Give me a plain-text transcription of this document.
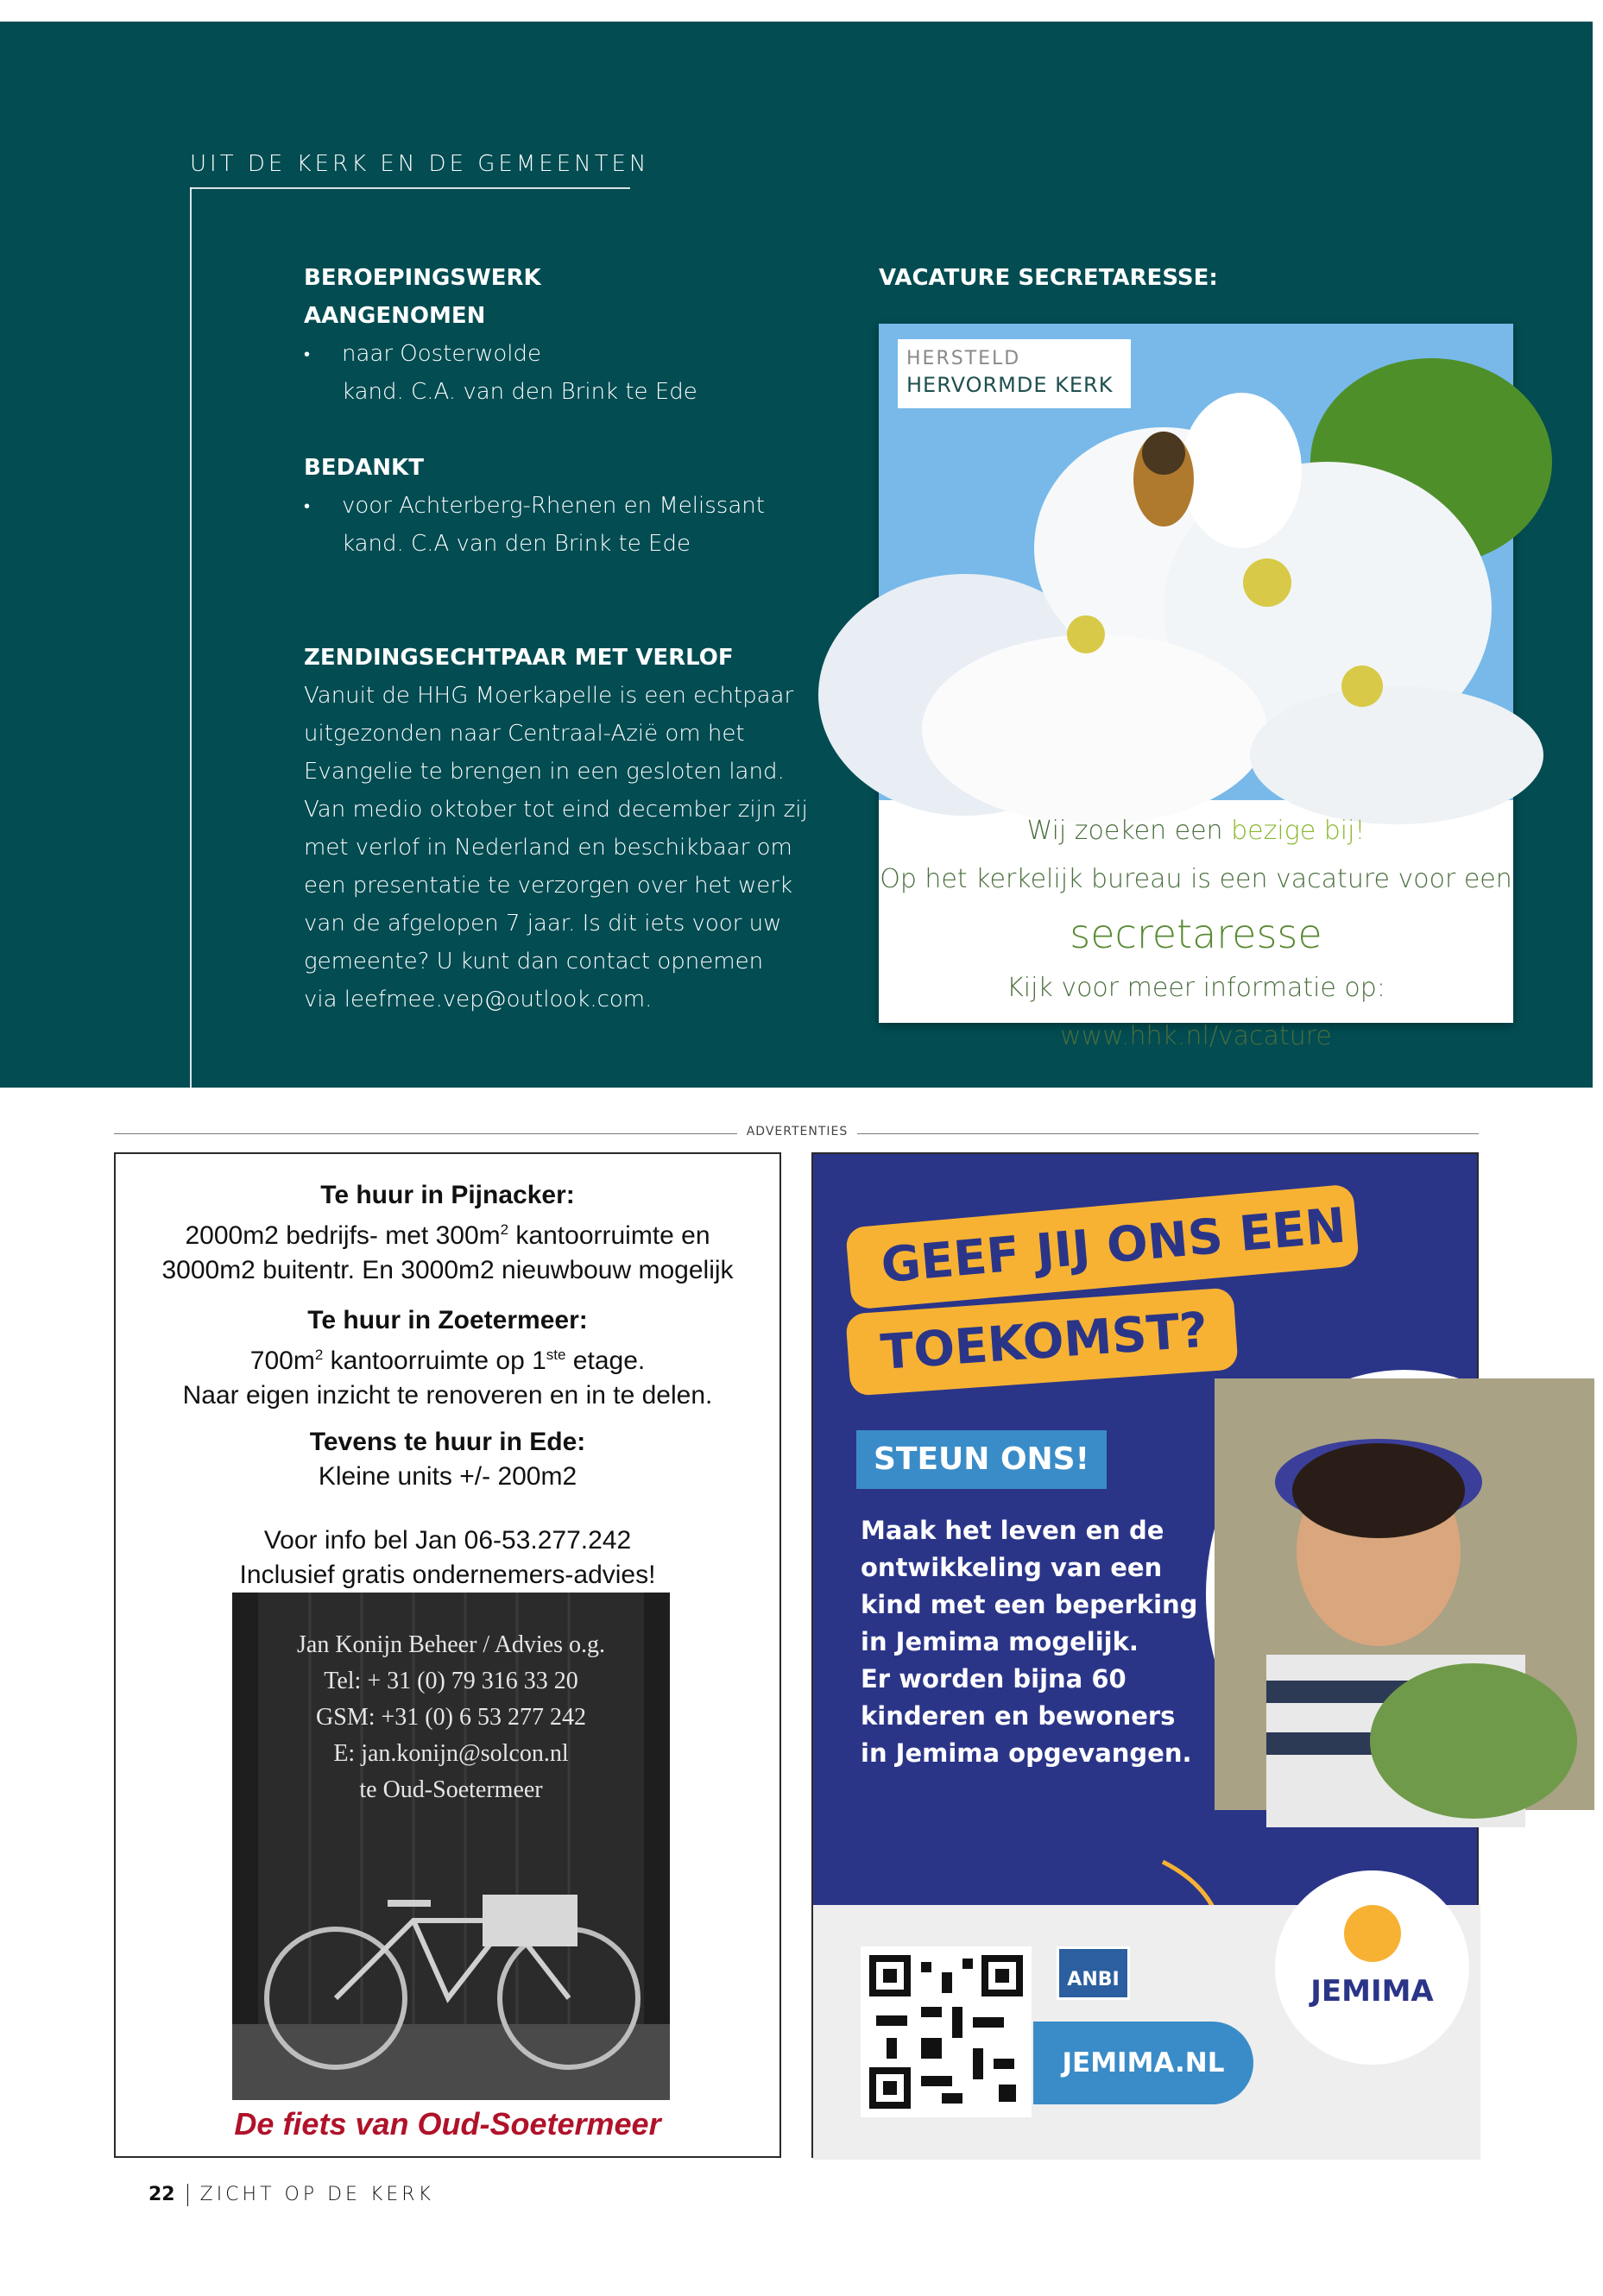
UIT DE KERK EN DE GEMEENTEN
BEROEPINGSWERK
AANGENOMEN
• naar Oosterwolde
kand. C.A. van den Brink te Ede
BEDANKT
• voor Achterberg-Rhenen en Melissant
kand. C.A van den Brink te Ede
ZENDINGSECHTPAAR MET VERLOF
Vanuit de HHG Moerkapelle is een echtpaar
uitgezonden naar Centraal-Azië om het
Evangelie te brengen in een gesloten land.
Van medio oktober tot eind december zijn zij
met verlof in Nederland en beschikbaar om
een presentatie te verzorgen over het werk
van de afgelopen 7 jaar. Is dit iets voor uw
gemeente? U kunt dan contact opnemen
via leefmee.vep@outlook.com.
VACATURE SECRETARESSE:
HERSTELD
HERVORMDE KERK
Wij zoeken een bezige bij!
Op het kerkelijk bureau is een vacature voor een
secretaresse
Kijk voor meer informatie op: www.hhk.nl/vacature
ADVERTENTIES
Te huur in Pijnacker:
2000m2 bedrijfs- met $300m^2$ kantoorruimte en
3000m2 buitentr. En 3000m2 nieuwbouw mogelijk
Te huur in Zoetermeer:
$700m^2$ kantoorruimte op 1ste etage.
Naar eigen inzicht te renoveren en in te delen.
Tevens te huur in Ede:
Kleine units +/- 200m2
Voor info bel Jan 06-53.277.242
Inclusief gratis ondernemers-advies!
Jan Konijn Beheer / Advies o.g.
Tel: + 31 (0) 79 316 33 20
GSM: +31 (0) 6 53 277 242
E: jan.konijn@solcon.nl
te Oud-Soetermeer
De fiets van Oud-Soetermeer
GEEF JIJ ONS EEN
TOEKOMST?
STEUN ONS!
Maak het leven en de
ontwikkeling van een
kind met een beperking
in Jemima mogelijk.
Er worden bijna 60
kinderen en bewoners
in Jemima opgevangen.
ANBI
JEMIMA.NL
JEMIMA
22 ZICHT OP DE KERK
